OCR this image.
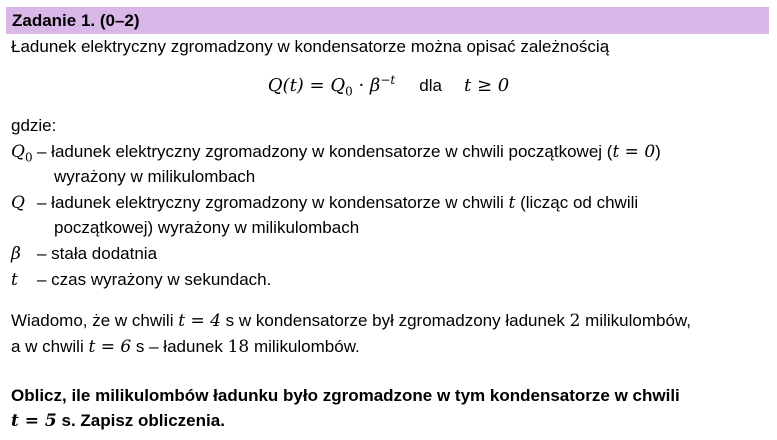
Zadanie 1. (0–2)
Ładunek elektryczny zgromadzony w kondensatorze można opisać zależnością
$Q(t) = Q_0 \cdot \beta^{-t}$ dla t ≥ 0
gdzie:
$Q_0$ – ładunek elektryczny zgromadzony w kondensatorze w chwili początkowej (t = 0)
wyrażony w milikulombach
Q – ładunek elektryczny zgromadzony w kondensatorze w chwili t (licząc od chwili
początkowej) wyrażony w milikulombach
β – stała dodatnia
t – czas wyrażony w sekundach.
Wiadomo, że w chwili t = 4 s w kondensatorze był zgromadzony ładunek 2 milikulombów,
a w chwili t = 6 s – ładunek 18 milikulombów.
Oblicz, ile milikulombów ładunku było zgromadzone w tym kondensatorze w chwili
t = 5 s. Zapisz obliczenia.
